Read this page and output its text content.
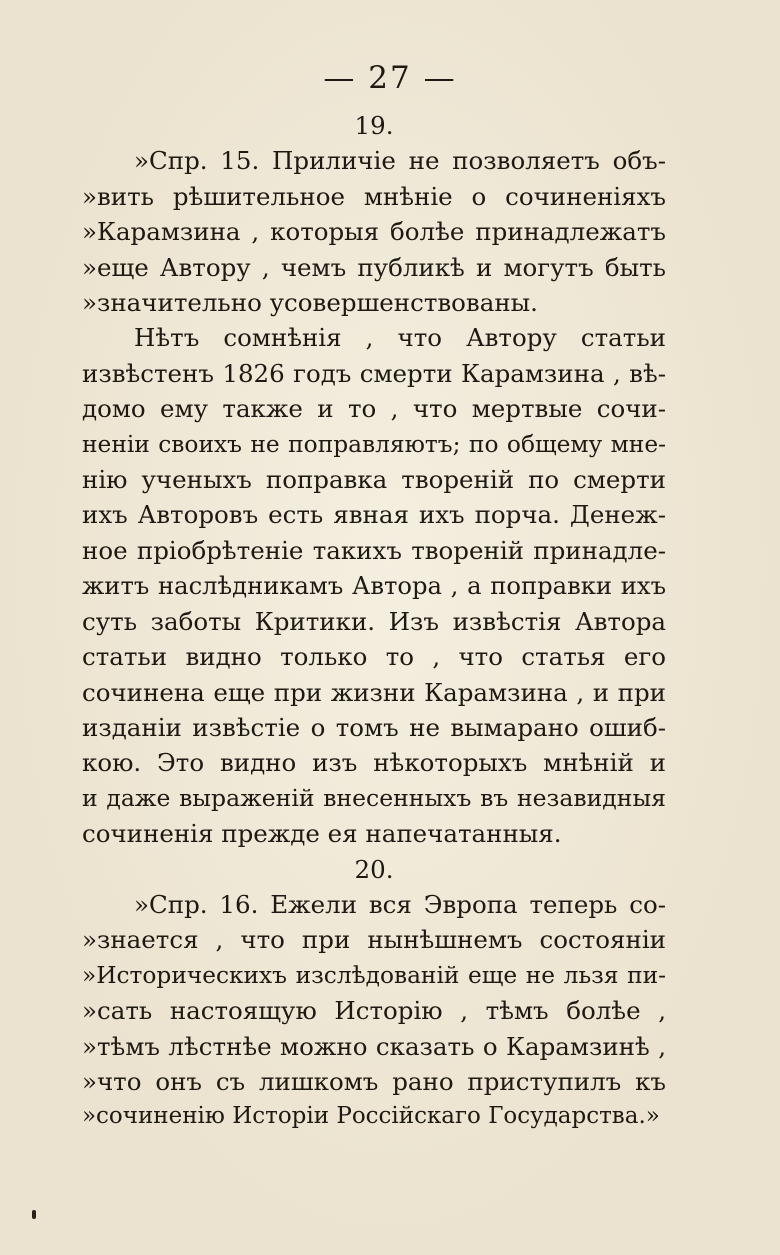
— 27 —
19.
»Спр. 15. Приличіе не позволяетъ объ-
»вить рѣшительное мнѣніе о сочиненіяхъ
»Карамзина , которыя болѣе принадлежатъ
»еще Автору , чемъ публикѣ и могутъ быть
»значительно усовершенствованы.
Нѣтъ сомнѣнія , что Автору статьи
извѣстенъ 1826 годъ смерти Карамзина , вѣ-
домо ему также и то , что мертвые сочи-
неніи своихъ не поправляютъ; по общему мне-
нію ученыхъ поправка твореній по смерти
ихъ Авторовъ есть явная ихъ порча. Денеж-
ное пріобрѣтеніе такихъ твореній принадле-
житъ наслѣдникамъ Автора , а поправки ихъ
суть заботы Критики. Изъ извѣстія Автора
статьи видно только то , что статья его
сочинена еще при жизни Карамзина , и при
изданіи извѣстіе о томъ не вымарано ошиб-
кою. Это видно изъ нѣкоторыхъ мнѣній и
и даже выраженій внесенныхъ въ незавидныя
сочиненія прежде ея напечатанныя.
20.
»Спр. 16. Ежели вся Эвропа теперь со-
»знается , что при нынѣшнемъ состояніи
»Историческихъ изслѣдованій еще не льзя пи-
»сать настоящую Исторію , тѣмъ болѣе ,
»тѣмъ лѣстнѣе можно сказать о Карамзинѣ ,
»что онъ съ лишкомъ рано приступилъ къ
»сочиненію Исторіи Россійскаго Государства.»
